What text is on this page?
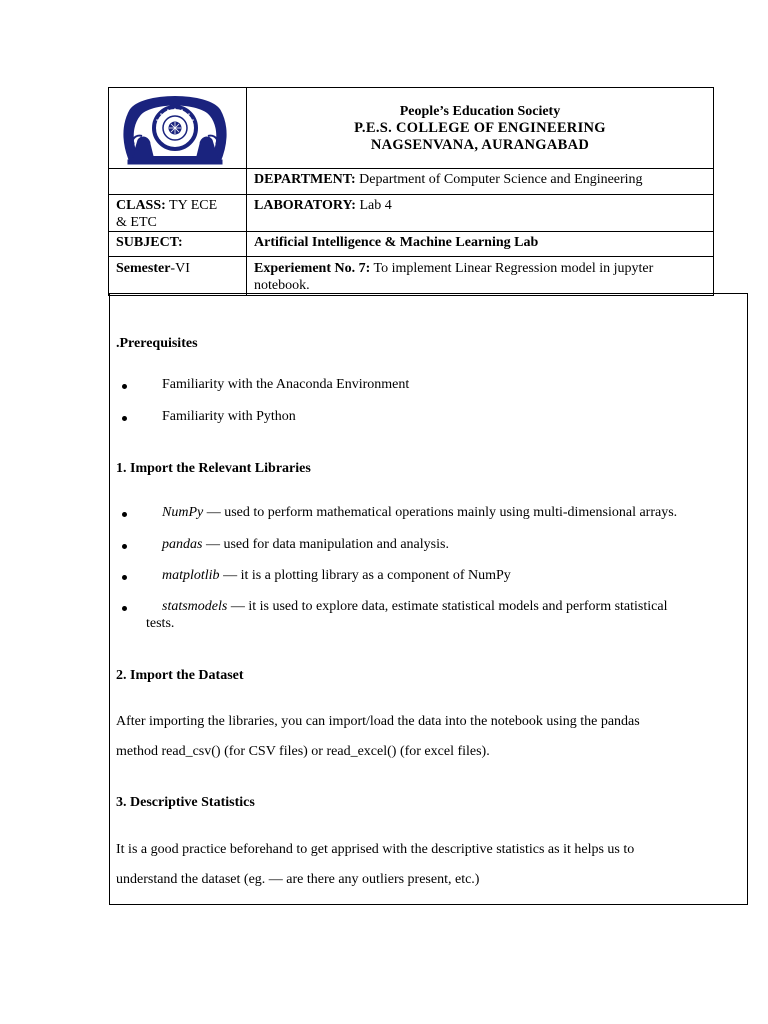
People’s Education Society
P.E.S. COLLEGE OF ENGINEERING
NAGSENVANA, AURANGABAD

	DEPARTMENT: Department of Computer Science and Engineering
CLASS: TY ECE
& ETC	LABORATORY: Lab 4
SUBJECT:	Artificial Intelligence & Machine Learning Lab
Semester-VI	Experiement No. 7: To implement Linear Regression model in jupyter
notebook.
.Prerequisites
Familiarity with the Anaconda Environment
Familiarity with Python
1. Import the Relevant Libraries
NumPy — used to perform mathematical operations mainly using multi-dimensional arrays.
pandas — used for data manipulation and analysis.
matplotlib — it is a plotting library as a component of NumPy
statsmodels — it is used to explore data, estimate statistical models and perform statistical
tests.
2. Import the Dataset
After importing the libraries, you can import/load the data into the notebook using the pandas
method read_csv() (for CSV files) or read_excel() (for excel files).
3. Descriptive Statistics
It is a good practice beforehand to get apprised with the descriptive statistics as it helps us to
understand the dataset (eg. — are there any outliers present, etc.)
